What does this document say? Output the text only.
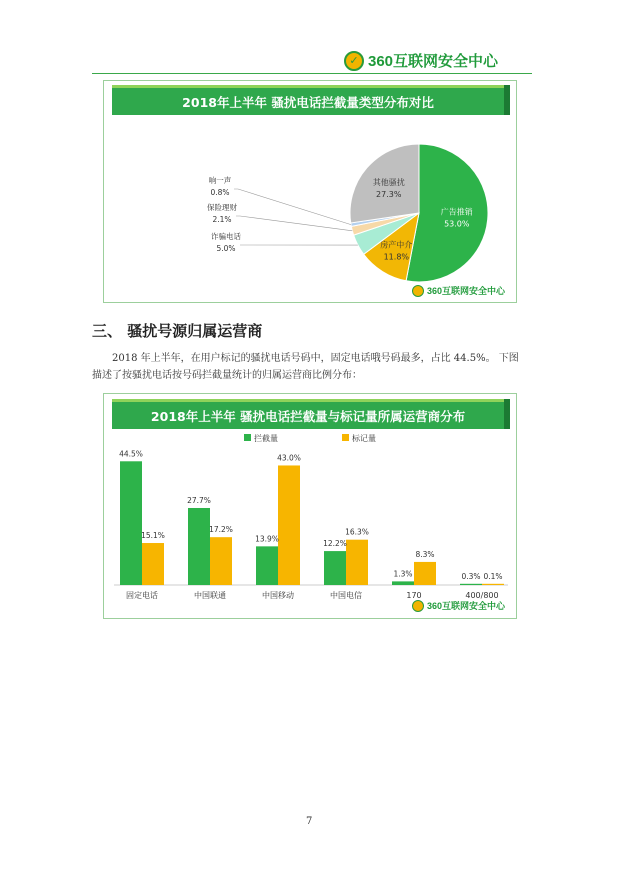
✓ 360互联网安全中心
2018年上半年 骚扰电话拦截量类型分布对比
广告推销
53.0%
房产中介
11.8%
其他骚扰
27.3%
诈骗电话
5.0%
保险理财
2.1%
响一声
0.8%
360互联网安全中心
三、 骚扰号源归属运营商
2018 年上半年，在用户标记的骚扰电话号码中，固定电话哦号码最多，占比 44.5%。 下图描述了按骚扰电话按号码拦截量统计的归属运营商比例分布：
2018年上半年 骚扰电话拦截量与标记量所属运营商分布
拦截量	标记量
44.5%
15.1%
27.7%
17.2%
13.9%
43.0%
12.2%
16.3%
1.3%
8.3%
0.3% 0.1%
固定电话	中国联通	中国移动	中国电信	170	400/800
360互联网安全中心
7
